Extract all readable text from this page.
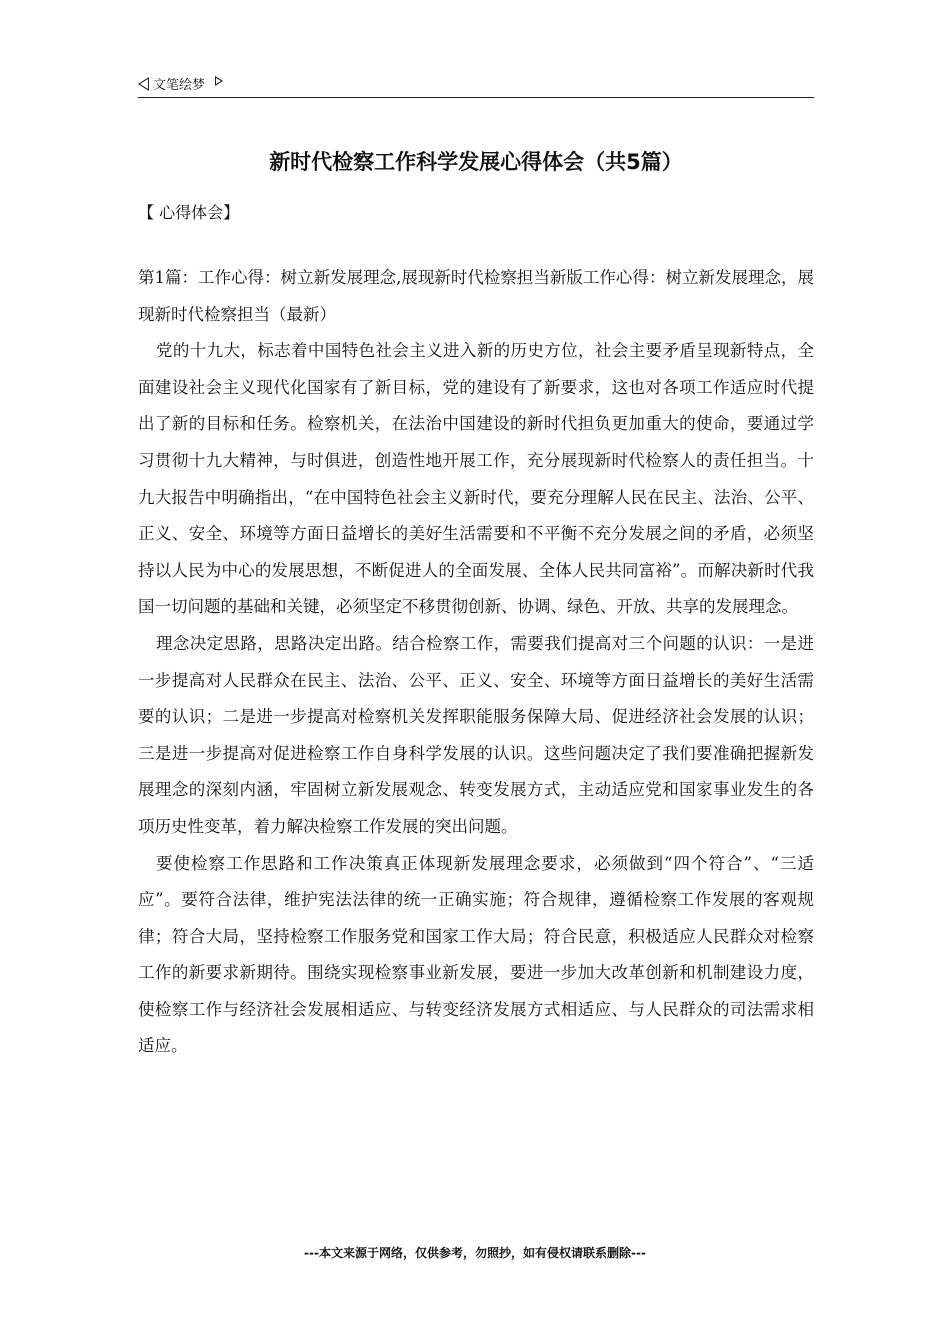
文笔绘梦
新时代检察工作科学发展心得体会（共5篇）
【 心得体会】

第1篇：工作心得：树立新发展理念,展现新时代检察担当新版工作心得：树立新发展理念，展现新时代检察担当（最新）

党的十九大，标志着中国特色社会主义进入新的历史方位，社会主要矛盾呈现新特点，全面建设社会主义现代化国家有了新目标，党的建设有了新要求，这也对各项工作适应时代提出了新的目标和任务。检察机关，在法治中国建设的新时代担负更加重大的使命，要通过学习贯彻十九大精神，与时俱进，创造性地开展工作，充分展现新时代检察人的责任担当。十九大报告中明确指出，“在中国特色社会主义新时代，要充分理解人民在民主、法治、公平、正义、安全、环境等方面日益增长的美好生活需要和不平衡不充分发展之间的矛盾，必须坚持以人民为中心的发展思想，不断促进人的全面发展、全体人民共同富裕”。而解决新时代我国一切问题的基础和关键，必须坚定不移贯彻创新、协调、绿色、开放、共享的发展理念。

理念决定思路，思路决定出路。结合检察工作，需要我们提高对三个问题的认识：一是进一步提高对人民群众在民主、法治、公平、正义、安全、环境等方面日益增长的美好生活需要的认识；二是进一步提高对检察机关发挥职能服务保障大局、促进经济社会发展的认识；三是进一步提高对促进检察工作自身科学发展的认识。这些问题决定了我们要准确把握新发展理念的深刻内涵，牢固树立新发展观念、转变发展方式，主动适应党和国家事业发生的各项历史性变革，着力解决检察工作发展的突出问题。

要使检察工作思路和工作决策真正体现新发展理念要求，必须做到“四个符合”、“三适应”。要符合法律，维护宪法法律的统一正确实施；符合规律，遵循检察工作发展的客观规律；符合大局，坚持检察工作服务党和国家工作大局；符合民意，积极适应人民群众对检察工作的新要求新期待。围绕实现检察事业新发展，要进一步加大改革创新和机制建设力度，使检察工作与经济社会发展相适应、与转变经济发展方式相适应、与人民群众的司法需求相适应。

---本文来源于网络，仅供参考，勿照抄，如有侵权请联系删除---
